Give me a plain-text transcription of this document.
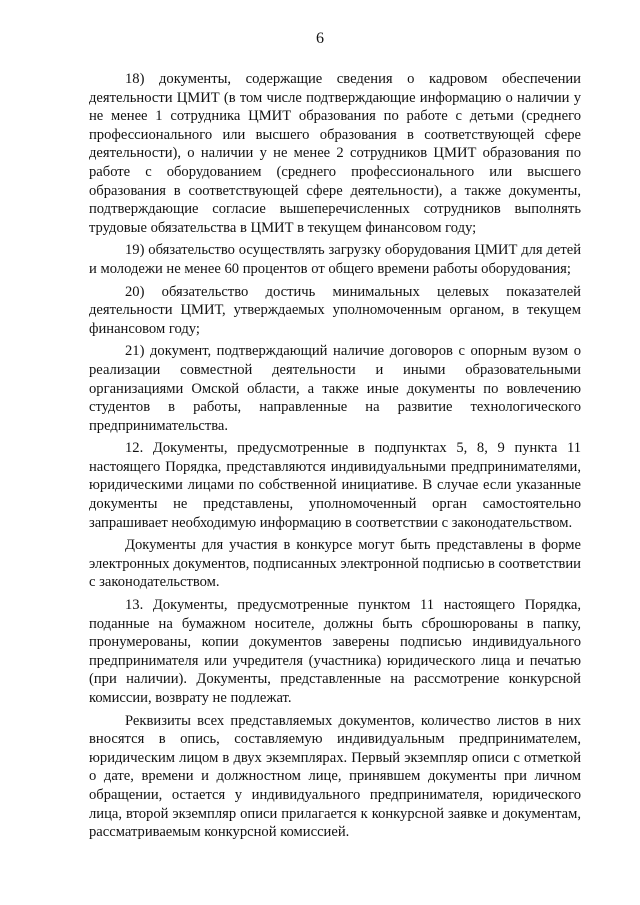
6

18) документы, содержащие сведения о кадровом обеспечении деятельности ЦМИТ (в том числе подтверждающие информацию о наличии у не менее 1 сотрудника ЦМИТ образования по работе с детьми (среднего профессионального или высшего образования в соответствующей сфере деятельности), о наличии у не менее 2 сотрудников ЦМИТ образования по работе с оборудованием (среднего профессионального или высшего образования в соответствующей сфере деятельности), а также документы, подтверждающие согласие вышеперечисленных сотрудников выполнять трудовые обязательства в ЦМИТ в текущем финансовом году;

19) обязательство осуществлять загрузку оборудования ЦМИТ для детей и молодежи не менее 60 процентов от общего времени работы оборудования;

20) обязательство достичь минимальных целевых показателей деятельности ЦМИТ, утверждаемых уполномоченным органом, в текущем финансовом году;

21) документ, подтверждающий наличие договоров с опорным вузом о реализации совместной деятельности и иными образовательными организациями Омской области, а также иные документы по вовлечению студентов в работы, направленные на развитие технологического предпринимательства.

12. Документы, предусмотренные в подпунктах 5, 8, 9 пункта 11 настоящего Порядка, представляются индивидуальными предпринимателями, юридическими лицами по собственной инициативе. В случае если указанные документы не представлены, уполномоченный орган самостоятельно запрашивает необходимую информацию в соответствии с законодательством.

Документы для участия в конкурсе могут быть представлены в форме электронных документов, подписанных электронной подписью в соответствии с законодательством.

13. Документы, предусмотренные пунктом 11 настоящего Порядка, поданные на бумажном носителе, должны быть сброшюрованы в папку, пронумерованы, копии документов заверены подписью индивидуального предпринимателя или учредителя (участника) юридического лица и печатью (при наличии). Документы, представленные на рассмотрение конкурсной комиссии, возврату не подлежат.

Реквизиты всех представляемых документов, количество листов в них вносятся в опись, составляемую индивидуальным предпринимателем, юридическим лицом в двух экземплярах. Первый экземпляр описи с отметкой о дате, времени и должностном лице, принявшем документы при личном обращении, остается у индивидуального предпринимателя, юридического лица, второй экземпляр описи прилагается к конкурсной заявке и документам, рассматриваемым конкурсной комиссией.
